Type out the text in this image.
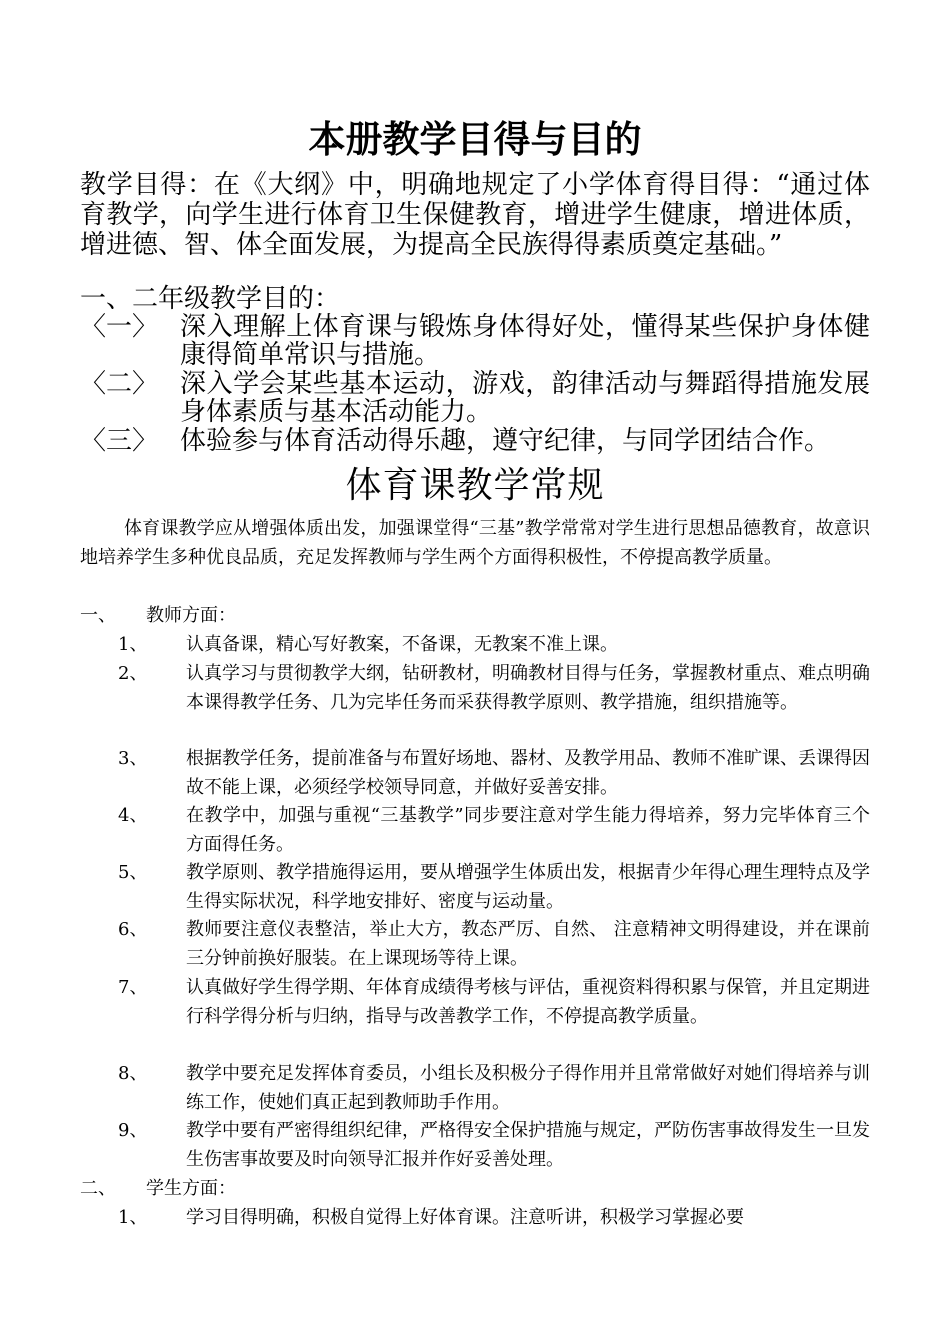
本册教学目得与目的
教学目得：在《大纲》中，明确地规定了小学体育得目得：“通过体育教学，向学生进行体育卫生保健教育，增进学生健康，增进体质，增进德、智、体全面发展，为提高全民族得得素质奠定基础。”
一、二年级教学目的：
〈一〉 深入理解上体育课与锻炼身体得好处，懂得某些保护身体健康得简单常识与措施。
〈二〉 深入学会某些基本运动，游戏，韵律活动与舞蹈得措施发展身体素质与基本活动能力。
〈三〉 体验参与体育活动得乐趣，遵守纪律，与同学团结合作。
体育课教学常规
体育课教学应从增强体质出发，加强课堂得“三基”教学常常对学生进行思想品德教育，故意识地培养学生多种优良品质，充足发挥教师与学生两个方面得积极性，不停提高教学质量。
一、 教师方面：
1、 认真备课，精心写好教案，不备课，无教案不准上课。
2、 认真学习与贯彻教学大纲，钻研教材，明确教材目得与任务，掌握教材重点、难点明确本课得教学任务、几为完毕任务而采获得教学原则、教学措施，组织措施等。
3、 根据教学任务，提前准备与布置好场地、器材、及教学用品、教师不准旷课、丢课得因故不能上课，必须经学校领导同意，并做好妥善安排。
4、 在教学中，加强与重视“三基教学”同步要注意对学生能力得培养，努力完毕体育三个方面得任务。
5、 教学原则、教学措施得运用，要从增强学生体质出发，根据青少年得心理生理特点及学生得实际状况，科学地安排好、密度与运动量。
6、 教师要注意仪表整洁，举止大方，教态严厉、自然、 注意精神文明得建设，并在课前三分钟前换好服装。在上课现场等待上课。
7、 认真做好学生得学期、年体育成绩得考核与评估，重视资料得积累与保管，并且定期进行科学得分析与归纳，指导与改善教学工作，不停提高教学质量。
8、 教学中要充足发挥体育委员，小组长及积极分子得作用并且常常做好对她们得培养与训练工作，使她们真正起到教师助手作用。
9、 教学中要有严密得组织纪律，严格得安全保护措施与规定，严防伤害事故得发生一旦发生伤害事故要及时向领导汇报并作好妥善处理。
二、 学生方面：
1、 学习目得明确，积极自觉得上好体育课。注意听讲，积极学习掌握必要
